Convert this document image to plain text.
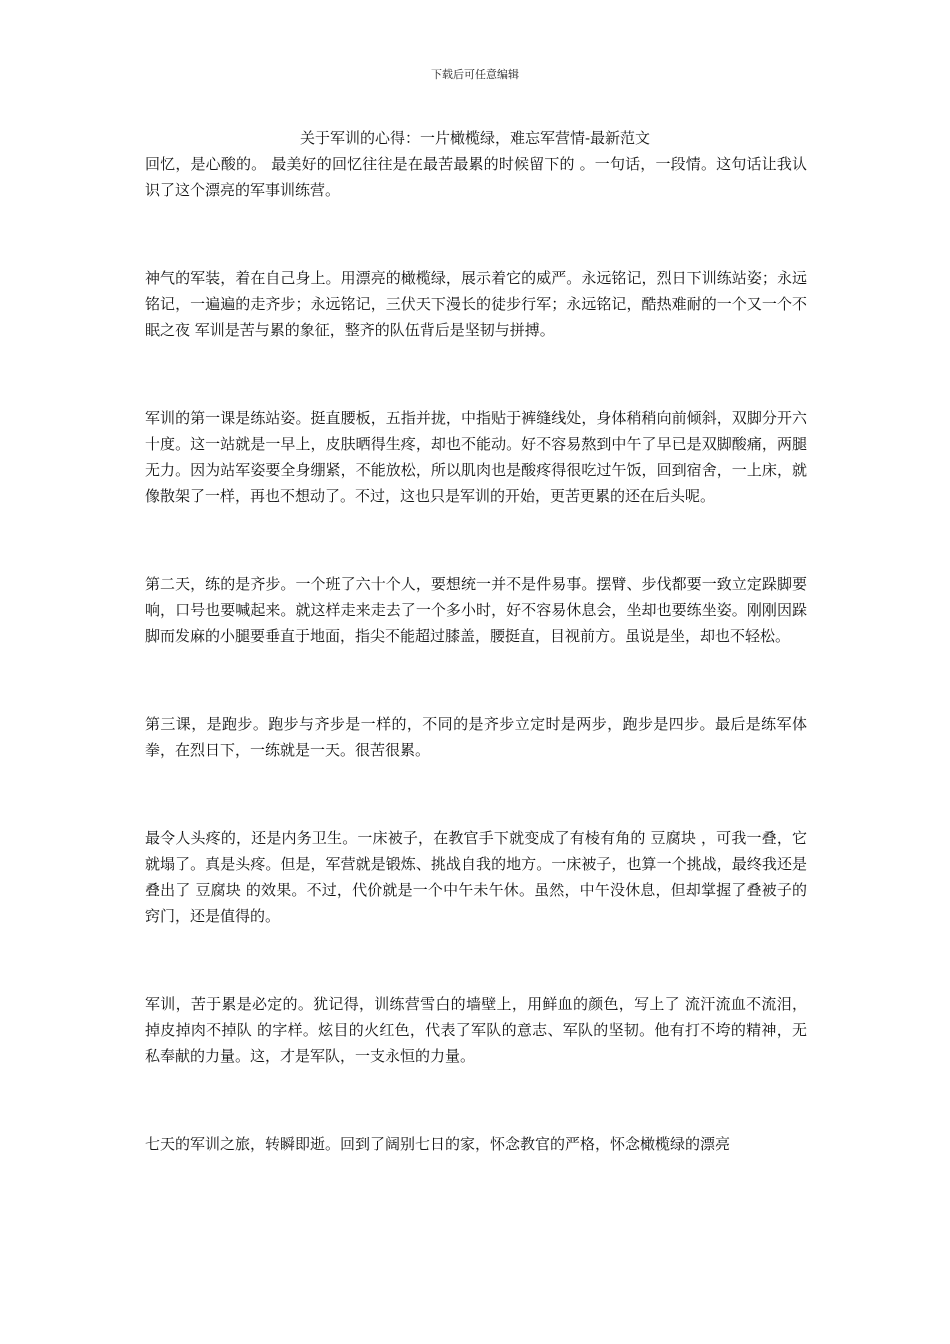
下载后可任意编辑
关于军训的心得：一片橄榄绿，难忘军营情-最新范文

回忆，是心酸的。 最美好的回忆往往是在最苦最累的时候留下的 。一句话，一段情。这句话让我认识了这个漂亮的军事训练营。

神气的军装，着在自己身上。用漂亮的橄榄绿，展示着它的威严。永远铭记，烈日下训练站姿；永远铭记，一遍遍的走齐步；永远铭记，三伏天下漫长的徒步行军；永远铭记，酷热难耐的一个又一个不眠之夜 军训是苦与累的象征，整齐的队伍背后是坚韧与拼搏。

军训的第一课是练站姿。挺直腰板，五指并拢，中指贴于裤缝线处，身体稍稍向前倾斜，双脚分开六十度。这一站就是一早上，皮肤晒得生疼，却也不能动。好不容易熬到中午了早已是双脚酸痛，两腿无力。因为站军姿要全身绷紧，不能放松，所以肌肉也是酸疼得很吃过午饭，回到宿舍，一上床，就像散架了一样，再也不想动了。不过，这也只是军训的开始，更苦更累的还在后头呢。

第二天，练的是齐步。一个班了六十个人，要想统一并不是件易事。摆臂、步伐都要一致立定跺脚要响，口号也要喊起来。就这样走来走去了一个多小时，好不容易休息会，坐却也要练坐姿。刚刚因跺脚而发麻的小腿要垂直于地面，指尖不能超过膝盖，腰挺直，目视前方。虽说是坐，却也不轻松。

第三课，是跑步。跑步与齐步是一样的，不同的是齐步立定时是两步，跑步是四步。最后是练军体拳，在烈日下，一练就是一天。很苦很累。

最令人头疼的，还是内务卫生。一床被子，在教官手下就变成了有棱有角的 豆腐块 ，可我一叠，它就塌了。真是头疼。但是，军营就是锻炼、挑战自我的地方。一床被子，也算一个挑战，最终我还是叠出了 豆腐块 的效果。不过，代价就是一个中午未午休。虽然，中午没休息，但却掌握了叠被子的窍门，还是值得的。

军训，苦于累是必定的。犹记得，训练营雪白的墙壁上，用鲜血的颜色，写上了 流汗流血不流泪，掉皮掉肉不掉队 的字样。炫目的火红色，代表了军队的意志、军队的坚韧。他有打不垮的精神，无私奉献的力量。这，才是军队，一支永恒的力量。

七天的军训之旅，转瞬即逝。回到了阔别七日的家，怀念教官的严格，怀念橄榄绿的漂亮
